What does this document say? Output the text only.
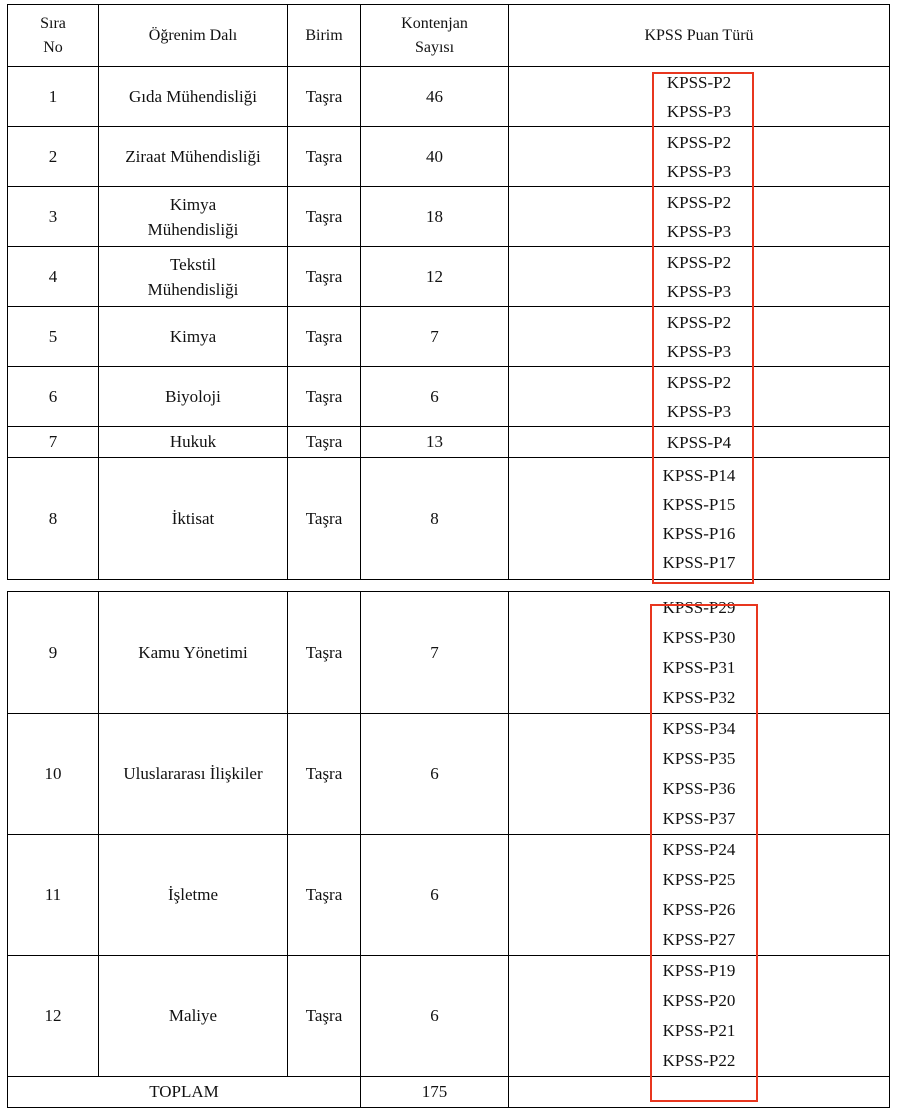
Sıra
No	Öğrenim Dalı	Birim	Kontenjan
Sayısı	KPSS Puan Türü
1	Gıda Mühendisliği	Taşra	46	KPSS-P2
KPSS-P3

2	Ziraat Mühendisliği	Taşra	40	KPSS-P2
KPSS-P3

3	Kimya
Mühendisliği	Taşra	18	KPSS-P2
KPSS-P3

4	Tekstil
Mühendisliği	Taşra	12	KPSS-P2
KPSS-P3

5	Kimya	Taşra	7	KPSS-P2
KPSS-P3

6	Biyoloji	Taşra	6	KPSS-P2
KPSS-P3

7	Hukuk	Taşra	13	KPSS-P4

8	İktisat	Taşra	8	KPSS-P14
KPSS-P15
KPSS-P16
KPSS-P17
9	Kamu Yönetimi	Taşra	7	KPSS-P29
KPSS-P30
KPSS-P31
KPSS-P32

10	Uluslararası İlişkiler	Taşra	6	KPSS-P34
KPSS-P35
KPSS-P36
KPSS-P37

11	İşletme	Taşra	6	KPSS-P24
KPSS-P25
KPSS-P26
KPSS-P27

12	Maliye	Taşra	6	KPSS-P19
KPSS-P20
KPSS-P21
KPSS-P22

TOPLAM			175	
